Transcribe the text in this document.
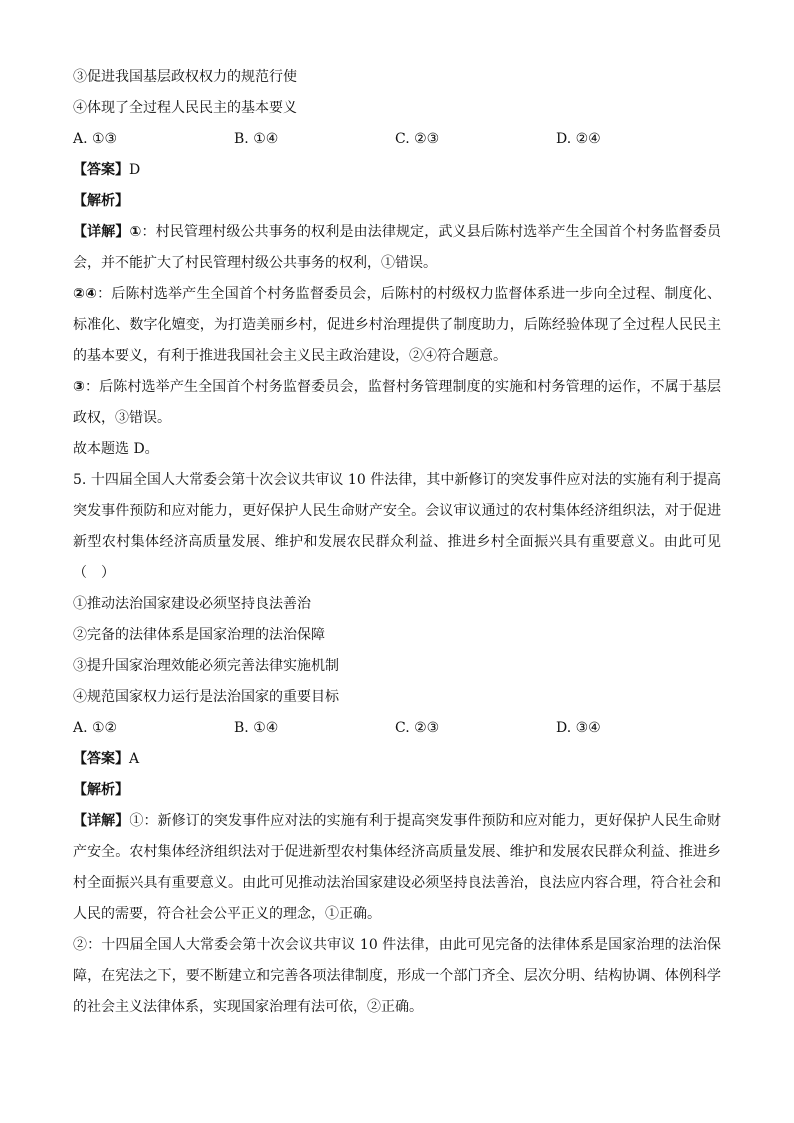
③促进我国基层政权权力的规范行使
④体现了全过程人民民主的基本要义
A. ①③	B. ①④	C. ②③	D. ②④
【答案】D
【解析】
【详解】①：村民管理村级公共事务的权利是由法律规定，武义县后陈村选举产生全国首个村务监督委员会，并不能扩大了村民管理村级公共事务的权利，①错误。
②④：后陈村选举产生全国首个村务监督委员会，后陈村的村级权力监督体系进一步向全过程、制度化、标准化、数字化嬗变，为打造美丽乡村，促进乡村治理提供了制度助力，后陈经验体现了全过程人民民主的基本要义，有利于推进我国社会主义民主政治建设，②④符合题意。
③：后陈村选举产生全国首个村务监督委员会，监督村务管理制度的实施和村务管理的运作，不属于基层政权，③错误。
故本题选 D。
5. 十四届全国人大常委会第十次会议共审议 10 件法律，其中新修订的突发事件应对法的实施有利于提高突发事件预防和应对能力，更好保护人民生命财产安全。会议审议通过的农村集体经济组织法，对于促进新型农村集体经济高质量发展、维护和发展农民群众利益、推进乡村全面振兴具有重要意义。由此可见（　）
①推动法治国家建设必须坚持良法善治
②完备的法律体系是国家治理的法治保障
③提升国家治理效能必须完善法律实施机制
④规范国家权力运行是法治国家的重要目标
A. ①②	B. ①④	C. ②③	D. ③④
【答案】A
【解析】
【详解】①：新修订的突发事件应对法的实施有利于提高突发事件预防和应对能力，更好保护人民生命财产安全。农村集体经济组织法对于促进新型农村集体经济高质量发展、维护和发展农民群众利益、推进乡村全面振兴具有重要意义。由此可见推动法治国家建设必须坚持良法善治，良法应内容合理，符合社会和人民的需要，符合社会公平正义的理念，①正确。
②：十四届全国人大常委会第十次会议共审议 10 件法律，由此可见完备的法律体系是国家治理的法治保障，在宪法之下，要不断建立和完善各项法律制度，形成一个部门齐全、层次分明、结构协调、体例科学的社会主义法律体系，实现国家治理有法可依，②正确。
